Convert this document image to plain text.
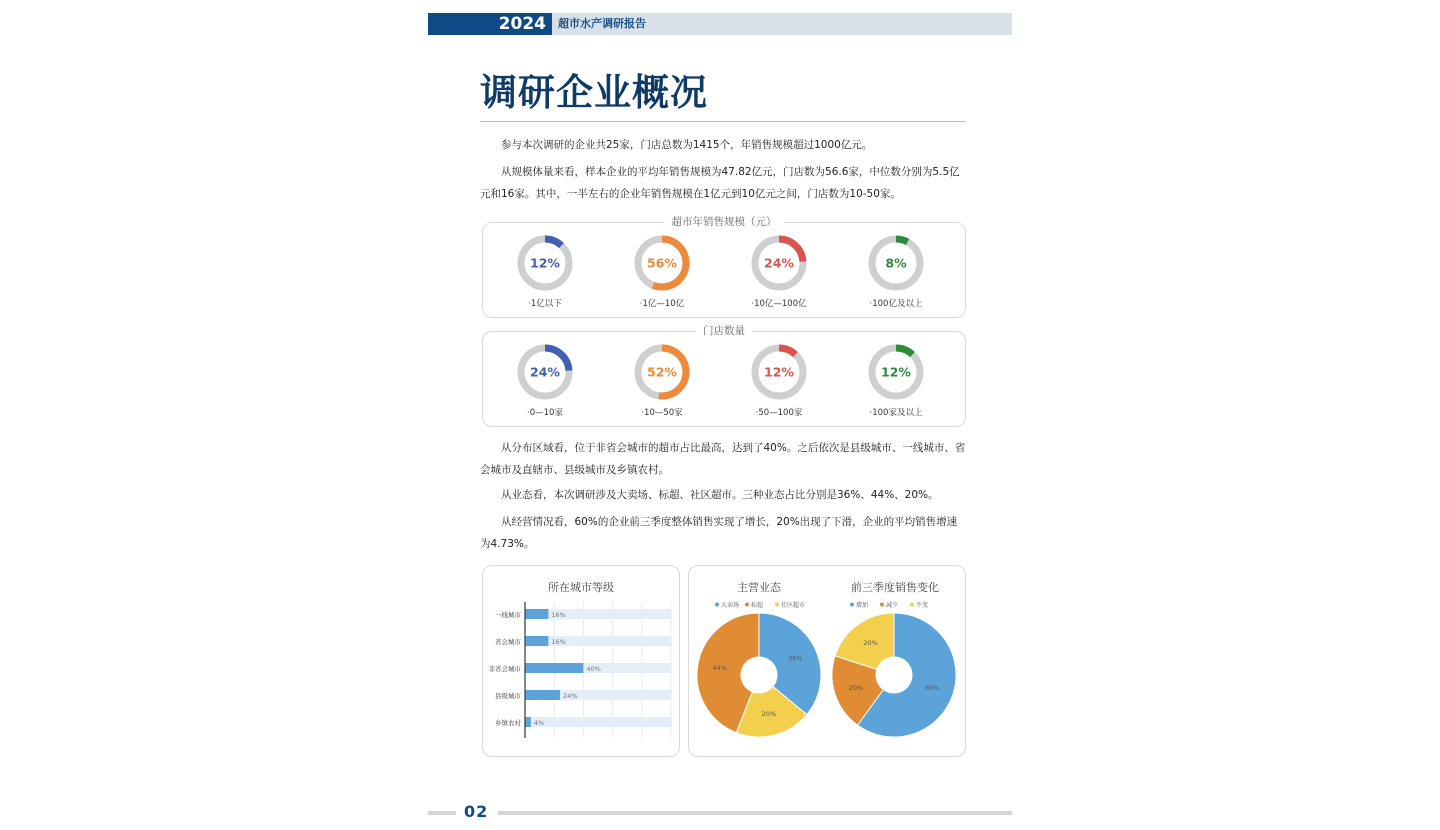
2024	超市水产调研报告
调研企业概况
参与本次调研的企业共25家，门店总数为1415个，年销售规模超过1000亿元。
从规模体量来看，样本企业的平均年销售规模为47.82亿元，门店数为56.6家，中位数分别为5.5亿元和16家。其中，一半左右的企业年销售规模在1亿元到10亿元之间，门店数为10-50家。
超市年销售规模（元）
12%
·1亿以下
56%
·1亿—10亿
24%
·10亿—100亿
8%
·100亿及以上
门店数量
24%
·0—10家
52%
·10—50家
12%
·50—100家
12%
·100家及以上
从分布区域看，位于非省会城市的超市占比最高，达到了40%。之后依次是县级城市、一线城市、省会城市及直辖市、县级城市及乡镇农村。
从业态看，本次调研涉及大卖场、标超、社区超市。三种业态占比分别是36%、44%、20%。
从经营情况看，60%的企业前三季度整体销售实现了增长，20%出现了下滑，企业的平均销售增速为4.73%。
所在城市等级
一线城市	16%
省会城市	16%
非省会城市	40%
县级城市	24%
乡镇农村 4%
主营业态	前三季度销售变化
36%
20%
44%
大卖场 标超	社区超市
60%
20%
20%
增加	减少	不变
02
